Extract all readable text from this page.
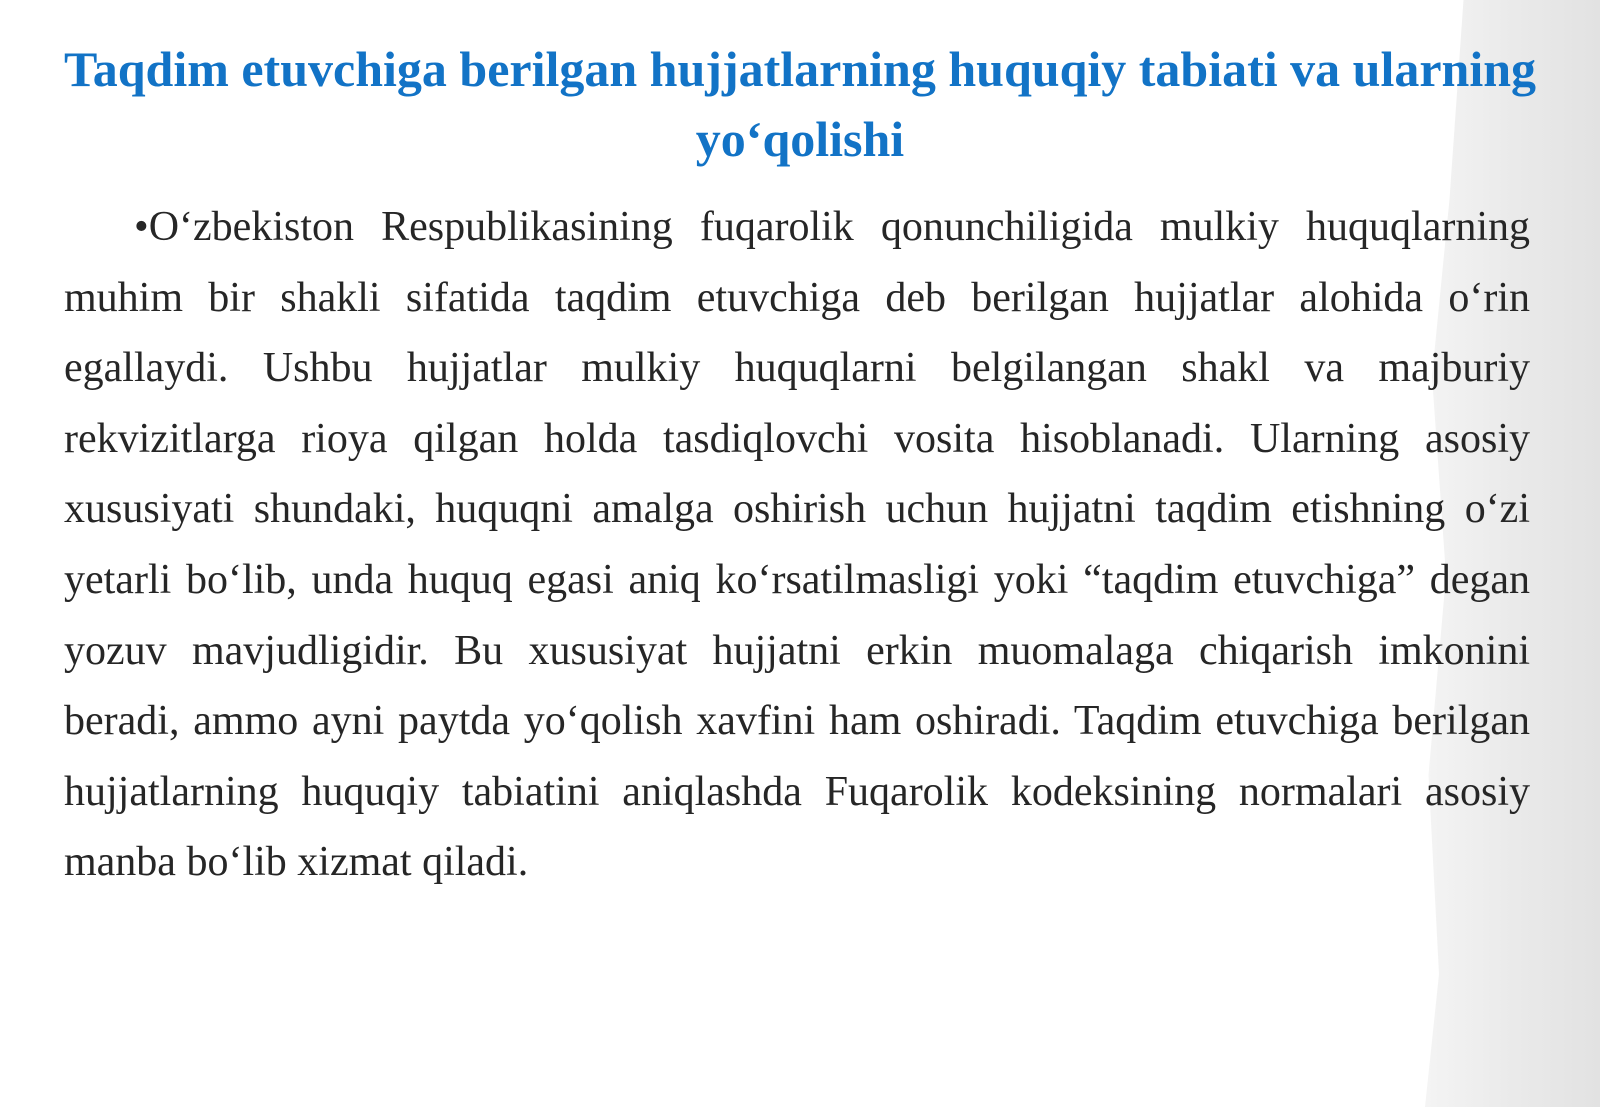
Taqdim etuvchiga berilgan hujjatlarning huquqiy tabiati va ularning yo‘qolishi

•O‘zbekiston Respublikasining fuqarolik qonunchiligida mulkiy huquqlarning muhim bir shakli sifatida taqdim etuvchiga deb berilgan hujjatlar alohida o‘rin egallaydi. Ushbu hujjatlar mulkiy huquqlarni belgilangan shakl va majburiy rekvizitlarga rioya qilgan holda tasdiqlovchi vosita hisoblanadi. Ularning asosiy xususiyati shundaki, huquqni amalga oshirish uchun hujjatni taqdim etishning o‘zi yetarli bo‘lib, unda huquq egasi aniq ko‘rsatilmasligi yoki “taqdim etuvchiga” degan yozuv mavjudligidir. Bu xususiyat hujjatni erkin muomalaga chiqarish imkonini beradi, ammo ayni paytda yo‘qolish xavfini ham oshiradi. Taqdim etuvchiga berilgan hujjatlarning huquqiy tabiatini aniqlashda Fuqarolik kodeksining normalari asosiy manba bo‘lib xizmat qiladi.
